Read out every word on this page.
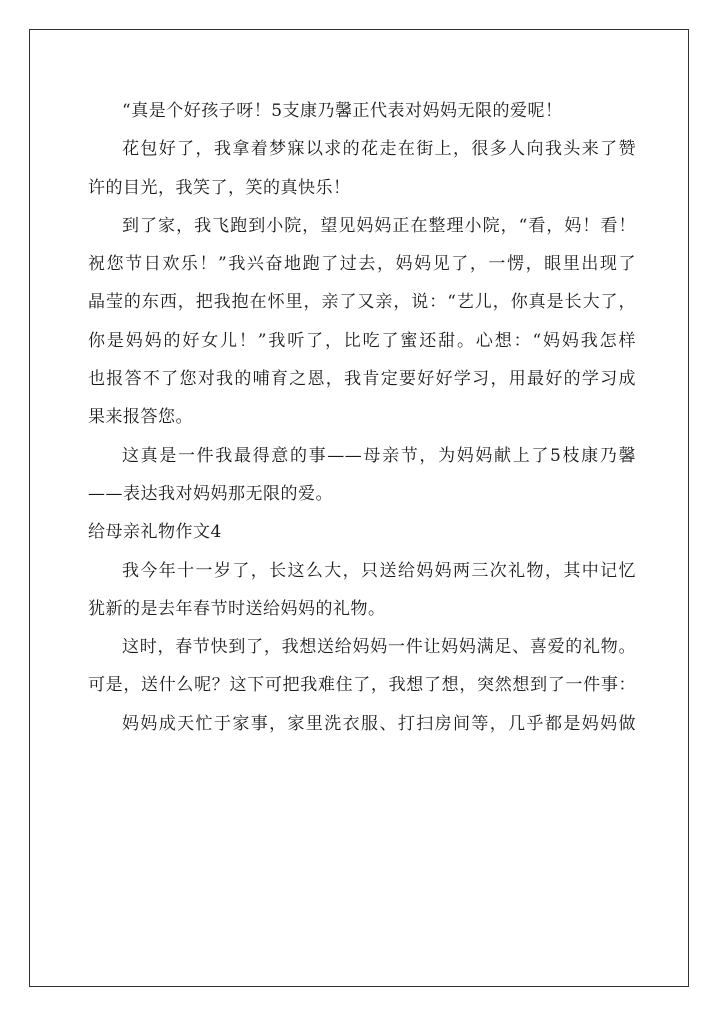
“真是个好孩子呀！5支康乃馨正代表对妈妈无限的爱呢！
花包好了，我拿着梦寐以求的花走在街上，很多人向我头来了赞
许的目光，我笑了，笑的真快乐！
到了家，我飞跑到小院，望见妈妈正在整理小院，“看，妈！看！
祝您节日欢乐！”我兴奋地跑了过去，妈妈见了，一愣，眼里出现了
晶莹的东西，把我抱在怀里，亲了又亲，说：“艺儿，你真是长大了，
你是妈妈的好女儿！”我听了，比吃了蜜还甜。心想：“妈妈我怎样
也报答不了您对我的哺育之恩，我肯定要好好学习，用最好的学习成
果来报答您。
这真是一件我最得意的事——母亲节，为妈妈献上了5枝康乃馨
——表达我对妈妈那无限的爱。
给母亲礼物作文4
我今年十一岁了，长这么大，只送给妈妈两三次礼物，其中记忆
犹新的是去年春节时送给妈妈的礼物。
这时，春节快到了，我想送给妈妈一件让妈妈满足、喜爱的礼物。
可是，送什么呢？这下可把我难住了，我想了想，突然想到了一件事：
妈妈成天忙于家事，家里洗衣服、打扫房间等，几乎都是妈妈做
